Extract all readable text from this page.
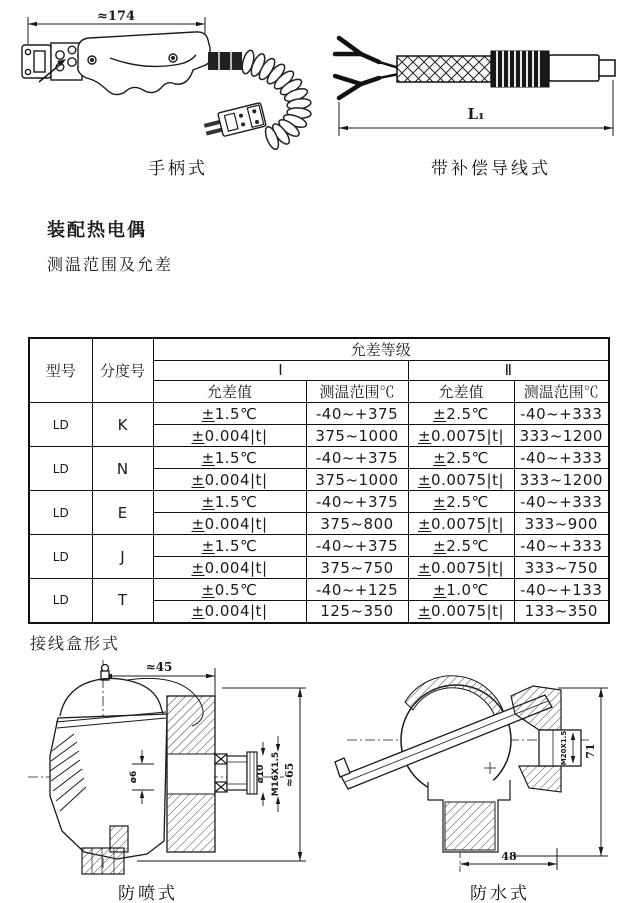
≈174
手柄式
L₁
带补偿导线式
装配热电偶
测温范围及允差
型号	分度号	允差等级			
		Ⅰ		Ⅱ	
		允差值	测温范围℃	允差值	测温范围℃
LD	K	±1.5℃	-40~+375	±2.5℃	-40~+333
		±0.004|t|	375~1000	±0.0075|t|	333~1200
LD	N	±1.5℃	-40~+375	±2.5℃	-40~+333
		±0.004|t|	375~1000	±0.0075|t|	333~1200
LD	E	±1.5℃	-40~+375	±2.5℃	-40~+333
		±0.004|t|	375~800	±0.0075|t|	333~900
LD	J	±1.5℃	-40~+375	±2.5℃	-40~+333
		±0.004|t|	375~750	±0.0075|t|	333~750
LD	T	±0.5℃	-40~+125	±1.0℃	-40~+133
		±0.004|t|	125~350	±0.0075|t|	133~350
接线盒形式
≈45
ø6	ø10 M16X1.5 ≈65
防喷式
M20X1.5 71
48
防水式
